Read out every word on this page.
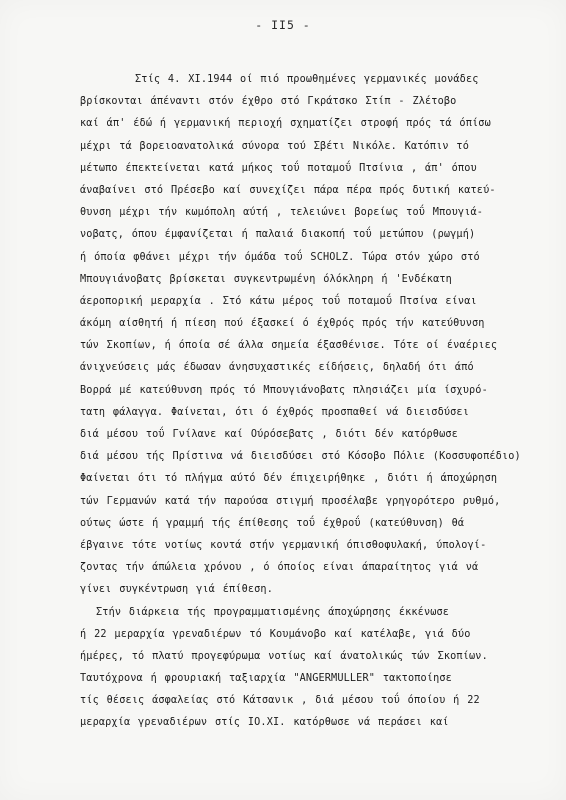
- II5 -
Στίς 4. XI.1944 οί πιό προωθημένες γερμανικές μονάδες
βρίσκονται άπέναντι στόν έχθρο στό Γκράτσκο Στίπ - Ζλέτοβο
καί άπ' έδώ ή γερμανική περιοχή σχηματίζει στροφή πρός τά όπίσω
μέχρι τά βορειοανατολικά σύνορα τού Σβέτι Νικόλε. Κατόπιν τό
μέτωπο έπεκτείνεται κατά μήκος τοΰ ποταμοΰ Πτσίνια , άπ' όπου
άναβαίνει στό Πρέσεβο καί συνεχίζει πάρα πέρα πρός δυτική κατεύ-
θυνση μέχρι τήν κωμόπολη αύτή , τελειώνει βορείως τοΰ Μπουγιά-
νοβατς, όπου έμφανίζεται ή παλαιά διακοπή τοΰ μετώπου (ρωγμή)
ή όποία φθάνει μέχρι τήν όμάδα τοΰ SCHOLZ. Τώρα στόν χώρο στό
Μπουγιάνοβατς βρίσκεται συγκεντρωμένη όλόκληρη ή 'Ενδέκατη
άεροπορική μεραρχία . Στό κάτω μέρος τοΰ ποταμοΰ Πτσίνα είναι
άκόμη αίσθητή ή πίεση πού έξασκεί ό έχθρός πρός τήν κατεύθυνση
τών Σκοπίων, ή όποία σέ άλλα σημεία έξασθένισε. Τότε οί έναέριες
άνιχνεύσεις μάς έδωσαν άνησυχαστικές είδήσεις, δηλαδή ότι άπό
Βορρά μέ κατεύθυνση πρός τό Μπουγιάνοβατς πλησιάζει μία ίσχυρό-
τατη φάλαγγα. Φαίνεται, ότι ό έχθρός προσπαθεί νά διεισδύσει
διά μέσου τοΰ Γνίλανε καί Ούρόσεβατς , διότι δέν κατόρθωσε
διά μέσου τής Πρίστινα νά διεισδύσει στό Κόσοβο Πόλιε (Κοσσυφοπέδιο)
Φαίνεται ότι τό πλήγμα αύτό δέν έπιχειρήθηκε , διότι ή άποχώρηση
τών Γερμανών κατά τήν παρούσα στιγμή προσέλαβε γρηγορότερο ρυθμό,
ούτως ώστε ή γραμμή τής έπίθεσης τοΰ έχθροΰ (κατεύθυνση) θά
έβγαινε τότε νοτίως κοντά στήν γερμανική όπισθοφυλακή, ύπολογί-
ζοντας τήν άπώλεια χρόνου , ό όποίος είναι άπαραίτητος γιά νά
γίνει συγκέντρωση γιά έπίθεση.
Στήν διάρκεια τής προγραμματισμένης άποχώρησης έκκένωσε
ή 22 μεραρχία γρεναδιέρων τό Κουμάνοβο καί κατέλαβε, γιά δύο
ήμέρες, τό πλατύ προγεφύρωμα νοτίως καί άνατολικώς τών Σκοπίων.
Ταυτόχρονα ή φρουριακή ταξιαρχία "ANGERMULLER" τακτοποίησε
τίς θέσεις άσφαλείας στό Κάτσανικ , διά μέσου τοΰ όποίου ή 22
μεραρχία γρεναδιέρων στίς IO.XI. κατόρθωσε νά περάσει καί
